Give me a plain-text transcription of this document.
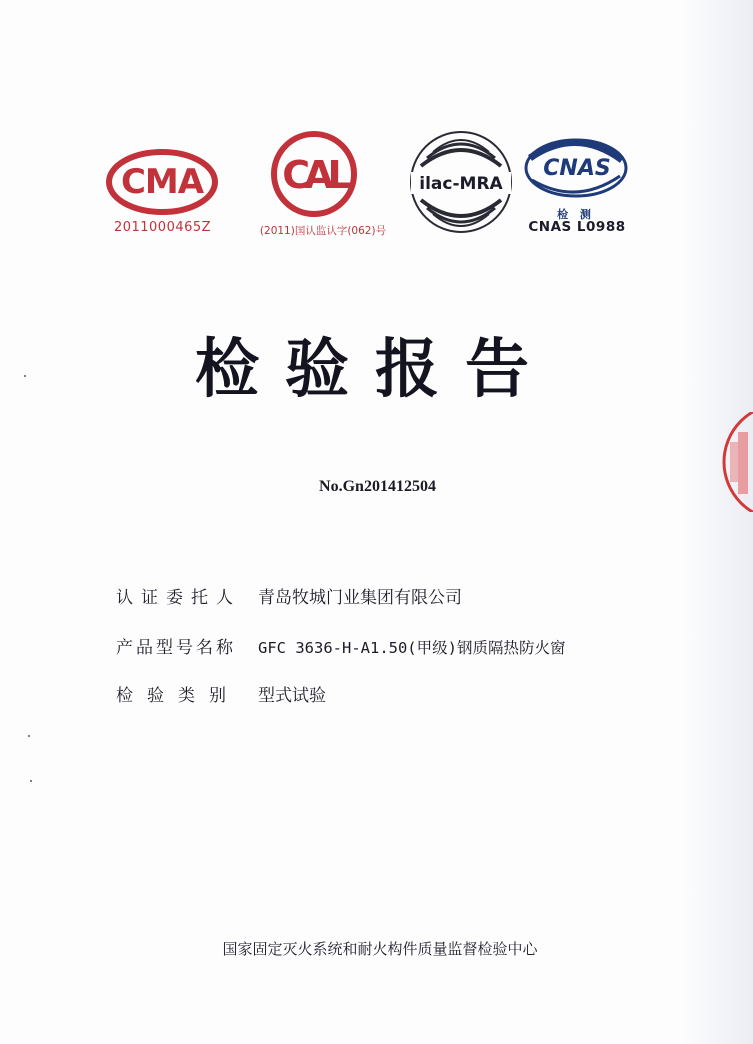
CMA
2011000465Z
CAL
(2011)国认监认字(062)号
ilac-MRA
CNAS
检 测
CNAS L0988
检验报告
No.Gn201412504
认证委托人 青岛牧城门业集团有限公司
产品型号名称 GFC 3636-H-A1.50(甲级)钢质隔热防火窗
检验类别 型式试验
国家固定灭火系统和耐火构件质量监督检验中心
